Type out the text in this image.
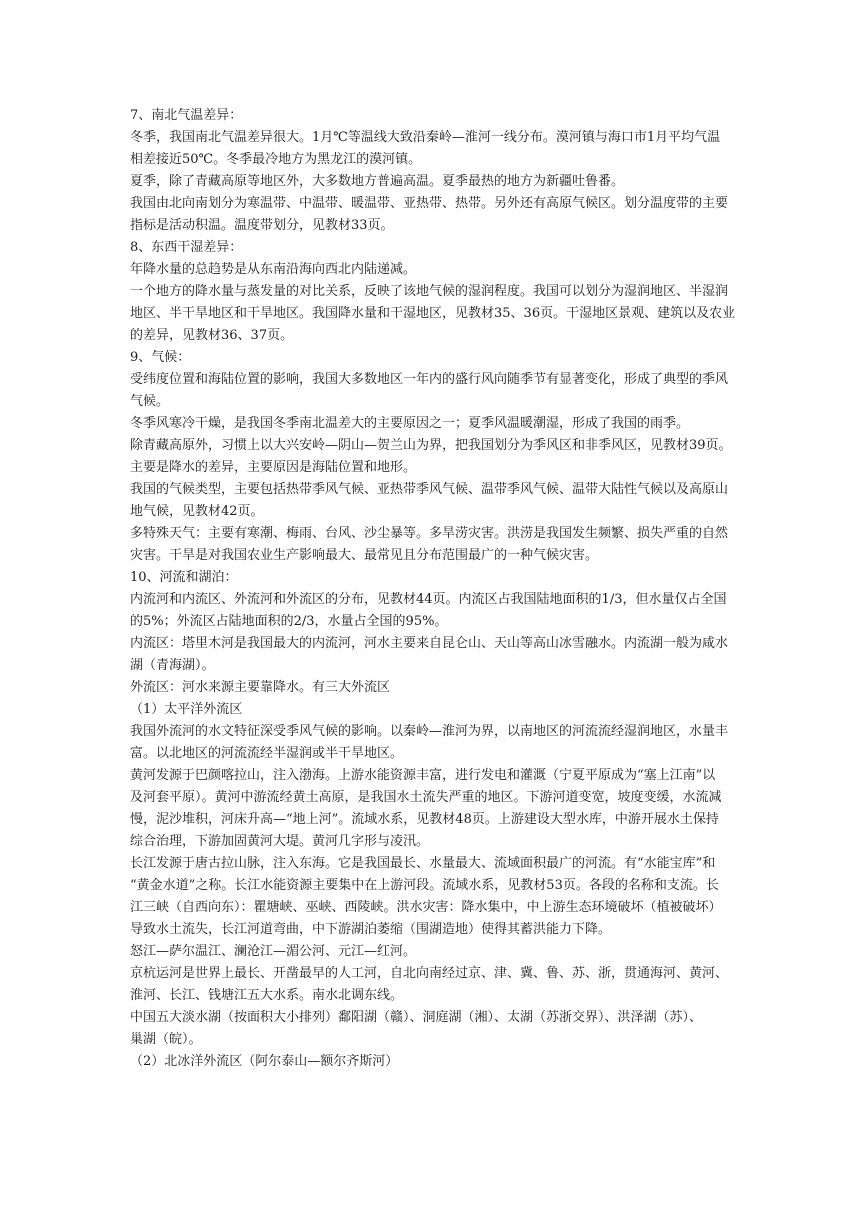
7、南北气温差异：

冬季，我国南北气温差异很大。1月℃等温线大致沿秦岭—淮河一线分布。漠河镇与海口市1月平均气温

相差接近50℃。冬季最冷地方为黑龙江的漠河镇。

夏季，除了青藏高原等地区外，大多数地方普遍高温。夏季最热的地方为新疆吐鲁番。

我国由北向南划分为寒温带、中温带、暖温带、亚热带、热带。另外还有高原气候区。划分温度带的主要

指标是活动积温。温度带划分，见教材33页。

8、东西干湿差异：

年降水量的总趋势是从东南沿海向西北内陆递减。

一个地方的降水量与蒸发量的对比关系，反映了该地气候的湿润程度。我国可以划分为湿润地区、半湿润

地区、半干旱地区和干旱地区。我国降水量和干湿地区，见教材35、36页。干湿地区景观、建筑以及农业

的差异，见教材36、37页。

9、气候：

受纬度位置和海陆位置的影响，我国大多数地区一年内的盛行风向随季节有显著变化，形成了典型的季风

气候。

冬季风寒冷干燥，是我国冬季南北温差大的主要原因之一；夏季风温暖潮湿，形成了我国的雨季。

除青藏高原外，习惯上以大兴安岭—阴山—贺兰山为界，把我国划分为季风区和非季风区，见教材39页。

主要是降水的差异，主要原因是海陆位置和地形。

我国的气候类型，主要包括热带季风气候、亚热带季风气候、温带季风气候、温带大陆性气候以及高原山

地气候，见教材42页。

多特殊天气：主要有寒潮、梅雨、台风、沙尘暴等。多旱涝灾害。洪涝是我国发生频繁、损失严重的自然

灾害。干旱是对我国农业生产影响最大、最常见且分布范围最广的一种气候灾害。

10、河流和湖泊：

内流河和内流区、外流河和外流区的分布，见教材44页。内流区占我国陆地面积的1/3，但水量仅占全国

的5%；外流区占陆地面积的2/3，水量占全国的95%。

内流区：塔里木河是我国最大的内流河，河水主要来自昆仑山、天山等高山冰雪融水。内流湖一般为咸水

湖（青海湖）。

外流区：河水来源主要靠降水。有三大外流区

（1）太平洋外流区

我国外流河的水文特征深受季风气候的影响。以秦岭—淮河为界，以南地区的河流流经湿润地区，水量丰

富。以北地区的河流流经半湿润或半干旱地区。

黄河发源于巴颜喀拉山，注入渤海。上游水能资源丰富，进行发电和灌溉（宁夏平原成为“塞上江南”以

及河套平原）。黄河中游流经黄土高原，是我国水土流失严重的地区。下游河道变宽，坡度变缓，水流减

慢，泥沙堆积，河床升高—“地上河”。流域水系，见教材48页。上游建设大型水库，中游开展水土保持

综合治理，下游加固黄河大堤。黄河几字形与凌汛。

长江发源于唐古拉山脉，注入东海。它是我国最长、水量最大、流域面积最广的河流。有“水能宝库”和

“黄金水道”之称。长江水能资源主要集中在上游河段。流域水系，见教材53页。各段的名称和支流。长

江三峡（自西向东）：瞿塘峡、巫峡、西陵峡。洪水灾害：降水集中，中上游生态环境破坏（植被破坏）

导致水土流失，长江河道弯曲，中下游湖泊萎缩（围湖造地）使得其蓄洪能力下降。

怒江—萨尔温江、澜沧江—湄公河、元江—红河。

京杭运河是世界上最长、开凿最早的人工河，自北向南经过京、津、冀、鲁、苏、浙，贯通海河、黄河、

淮河、长江、钱塘江五大水系。南水北调东线。

中国五大淡水湖（按面积大小排列）鄱阳湖（赣）、洞庭湖（湘）、太湖（苏浙交界）、洪泽湖（苏）、

巢湖（皖）。

（2）北冰洋外流区（阿尔泰山—额尔齐斯河）
